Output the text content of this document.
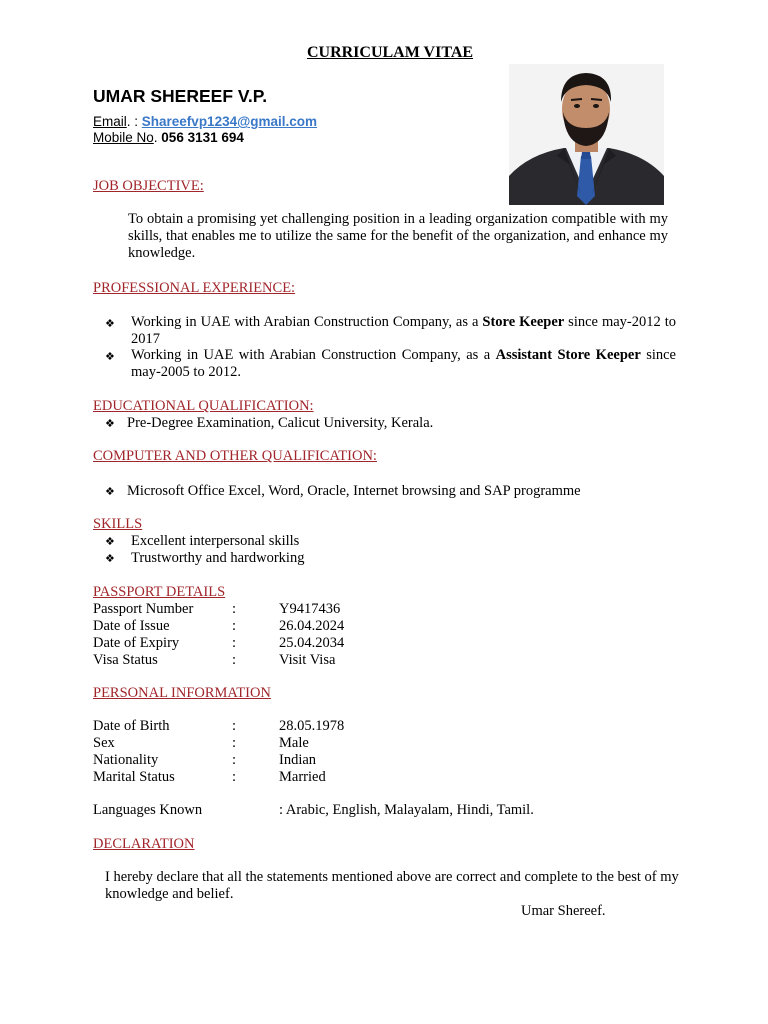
CURRICULAM VITAE
UMAR SHEREEF V.P.
Email. : Shareefvp1234@gmail.com
Mobile No. 056 3131 694
JOB OBJECTIVE:
To obtain a promising yet challenging position in a leading organization compatible with my skills, that enables me to utilize the same for the benefit of the organization, and enhance my knowledge.
PROFESSIONAL EXPERIENCE:
❖ Working in UAE with Arabian Construction Company, as a Store Keeper since may-2012 to 2017
❖ Working in UAE with Arabian Construction Company, as a Assistant Store Keeper since may-2005 to 2012.
EDUCATIONAL QUALIFICATION:
❖ Pre-Degree Examination, Calicut University, Kerala.
COMPUTER AND OTHER QUALIFICATION:
❖ Microsoft Office Excel, Word, Oracle, Internet browsing and SAP programme
SKILLS
❖ Excellent interpersonal skills
❖ Trustworthy and hardworking
PASSPORT DETAILS
Passport Number	:	Y9417436
Date of Issue	:	26.04.2024
Date of Expiry	:	25.04.2034
Visa Status	:	Visit Visa
PERSONAL INFORMATION
Date of Birth	:	28.05.1978
Sex	:	Male
Nationality	:	Indian
Marital Status	:	Married
Languages Known	: Arabic, English, Malayalam, Hindi, Tamil.
DECLARATION
I hereby declare that all the statements mentioned above are correct and complete to the best of my knowledge and belief.
Umar Shereef.
